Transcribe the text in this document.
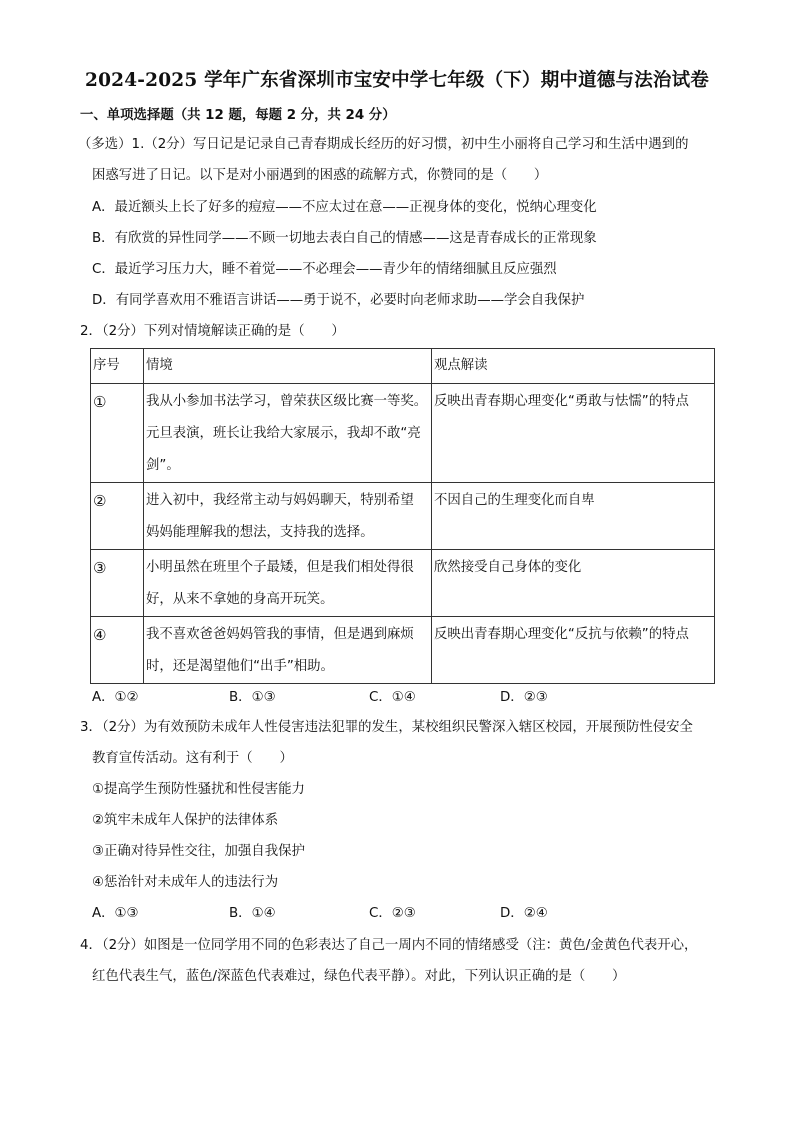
2024-2025 学年广东省深圳市宝安中学七年级（下）期中道德与法治试卷
一、单项选择题（共 12 题，每题 2 分，共 24 分）
（多选）1.（2分）写日记是记录自己青春期成长经历的好习惯，初中生小丽将自己学习和生活中遇到的
困惑写进了日记。以下是对小丽遇到的困惑的疏解方式，你赞同的是（　　）
A．最近额头上长了好多的痘痘——不应太过在意——正视身体的变化，悦纳心理变化
B．有欣赏的异性同学——不顾一切地去表白自己的情感——这是青春成长的正常现象
C．最近学习压力大，睡不着觉——不必理会——青少年的情绪细腻且反应强烈
D．有同学喜欢用不雅语言讲话——勇于说不，必要时向老师求助——学会自我保护
2．（2分）下列对情境解读正确的是（　　）
序号	情境	观点解读
①	我从小参加书法学习，曾荣获区级比赛一等奖。
元旦表演，班长让我给大家展示，我却不敢“亮
剑”。	反映出青春期心理变化“勇敢与怯懦”的特点
②	进入初中，我经常主动与妈妈聊天，特别希望
妈妈能理解我的想法，支持我的选择。	不因自己的生理变化而自卑
③	小明虽然在班里个子最矮，但是我们相处得很
好，从来不拿她的身高开玩笑。	欣然接受自己身体的变化
④	我不喜欢爸爸妈妈管我的事情，但是遇到麻烦
时，还是渴望他们“出手”相助。	反映出青春期心理变化“反抗与依赖”的特点
A．①②	B．①③	C．①④	D．②③
3．（2分）为有效预防未成年人性侵害违法犯罪的发生，某校组织民警深入辖区校园，开展预防性侵安全
教育宣传活动。这有利于（　　）
①提高学生预防性骚扰和性侵害能力
②筑牢未成年人保护的法律体系
③正确对待异性交往，加强自我保护
④惩治针对未成年人的违法行为
A．①③	B．①④	C．②③	D．②④
4．（2分）如图是一位同学用不同的色彩表达了自己一周内不同的情绪感受（注：黄色/金黄色代表开心，
红色代表生气，蓝色/深蓝色代表难过，绿色代表平静）。对此，下列认识正确的是（　　）
